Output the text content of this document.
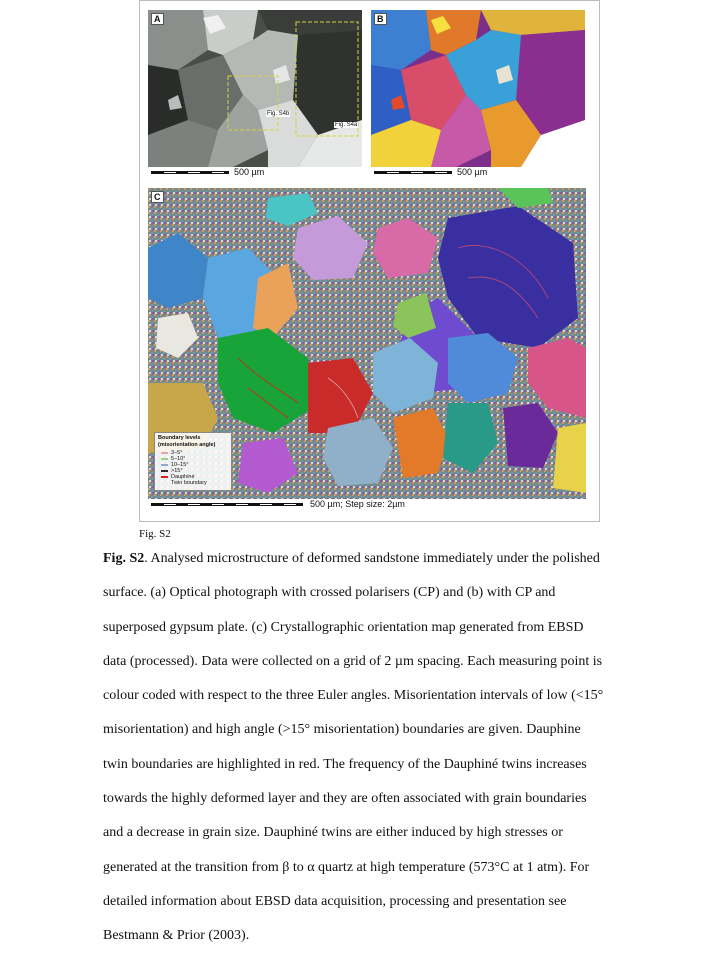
A
Fig. S4b
Fig. S4a
500 µm
B
500 µm
C
Boundary levels
(misorientation angle)
3–5°
5–10°
10–15°
>15°
Dauphiné
Twin boundary
500 µm; Step size: 2µm
Fig. S2

Fig. S2. Analysed microstructure of deformed sandstone immediately under the polished

surface. (a) Optical photograph with crossed polarisers (CP) and (b) with CP and

superposed gypsum plate. (c) Crystallographic orientation map generated from EBSD

data (processed). Data were collected on a grid of 2 µm spacing. Each measuring point is

colour coded with respect to the three Euler angles. Misorientation intervals of low (<15°

misorientation) and high angle (>15° misorientation) boundaries are given. Dauphine

twin boundaries are highlighted in red. The frequency of the Dauphiné twins increases

towards the highly deformed layer and they are often associated with grain boundaries

and a decrease in grain size. Dauphiné twins are either induced by high stresses or

generated at the transition from β to α quartz at high temperature (573°C at 1 atm). For

detailed information about EBSD data acquisition, processing and presentation see

Bestmann & Prior (2003).
